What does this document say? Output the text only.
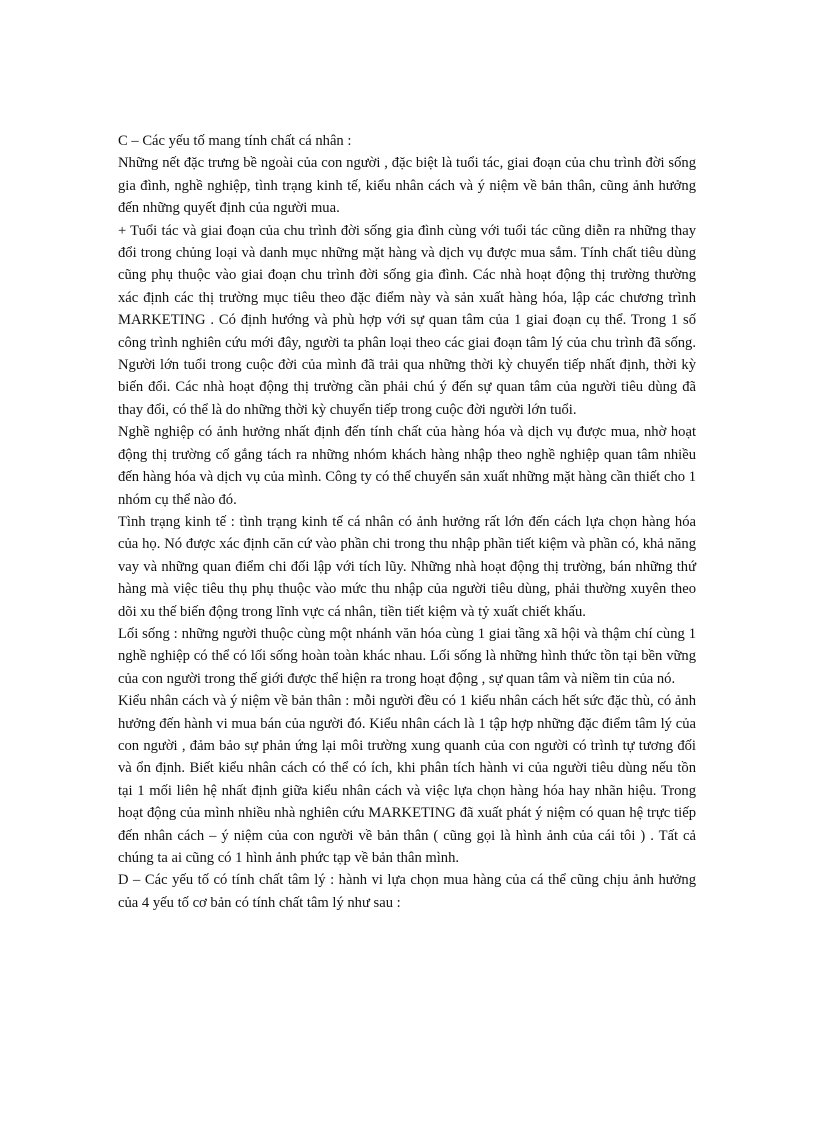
C – Các yếu tố mang tính chất cá nhân :

Những nết đặc trưng bề ngoài của con người , đặc biệt là tuổi tác, giai đoạn của chu trình đời sống gia đình, nghề nghiệp, tình trạng kinh tế, kiểu nhân cách và ý niệm về bản thân, cũng ảnh hưởng đến những quyết định của người mua.

+ Tuổi tác và giai đoạn của chu trình đời sống gia đình cùng với tuổi tác cũng diễn ra những thay đổi trong chủng loại và danh mục những mặt hàng và dịch vụ được mua sắm. Tính chất tiêu dùng cũng phụ thuộc vào giai đoạn chu trình đời sống gia đình. Các nhà hoạt động thị trường thường xác định các thị trường mục tiêu theo đặc điểm này và sản xuất hàng hóa, lập các chương trình MARKETING . Có định hướng và phù hợp với sự quan tâm của 1 giai đoạn cụ thể. Trong 1 số công trình nghiên cứu mới đây, người ta phân loại theo các giai đoạn tâm lý của chu trình đã sống. Người lớn tuổi trong cuộc đời của mình đã trải qua những thời kỳ chuyển tiếp nhất định, thời kỳ biến đổi. Các nhà hoạt động thị trường cần phải chú ý đến sự quan tâm của người tiêu dùng đã thay đổi, có thể là do những thời kỳ chuyển tiếp trong cuộc đời người lớn tuổi.

Nghề nghiệp có ảnh hưởng nhất định đến tính chất của hàng hóa và dịch vụ được mua, nhờ hoạt động thị trường cố gắng tách ra những nhóm khách hàng nhập theo nghề nghiệp quan tâm nhiều đến hàng hóa và dịch vụ của mình. Công ty có thể chuyển sản xuất những mặt hàng cần thiết cho 1 nhóm cụ thể nào đó.

Tình trạng kinh tế : tình trạng kinh tế cá nhân có ảnh hưởng rất lớn đến cách lựa chọn hàng hóa của họ. Nó được xác định căn cứ vào phần chi trong thu nhập phần tiết kiệm và phần có, khả năng vay và những quan điểm chi đối lập với tích lũy. Những nhà hoạt động thị trường, bán những thứ hàng mà việc tiêu thụ phụ thuộc vào mức thu nhập của người tiêu dùng, phải thường xuyên theo dõi xu thế biến động trong lĩnh vực cá nhân, tiền tiết kiệm và tỷ xuất chiết khấu.

Lối sống : những người thuộc cùng một nhánh văn hóa cùng 1 giai tầng xã hội và thậm chí cùng 1 nghề nghiệp có thể có lối sống hoàn toàn khác nhau. Lối sống là những hình thức tồn tại bền vững của con người trong thế giới được thể hiện ra trong hoạt động , sự quan tâm và niềm tin của nó.

Kiểu nhân cách và ý niệm về bản thân : mỗi người đều có 1 kiểu nhân cách hết sức đặc thù, có ảnh hưởng đến hành vi mua bán của người đó. Kiểu nhân cách là 1 tập hợp những đặc điểm tâm lý của con người , đảm bảo sự phản ứng lại môi trường xung quanh của con người có trình tự tương đối và ổn định. Biết kiểu nhân cách có thể có ích, khi phân tích hành vi của người tiêu dùng nếu tồn tại 1 mối liên hệ nhất định giữa kiểu nhân cách và việc lựa chọn hàng hóa hay nhãn hiệu. Trong hoạt động của mình nhiều nhà nghiên cứu MARKETING đã xuất phát ý niệm có quan hệ trực tiếp đến nhân cách – ý niệm của con người về bản thân ( cũng gọi là hình ảnh của cái tôi ) . Tất cả chúng ta ai cũng có 1 hình ảnh phức tạp về bản thân mình.

D – Các yếu tố có tính chất tâm lý : hành vi lựa chọn mua hàng của cá thể cũng chịu ảnh hưởng của 4 yếu tố cơ bản có tính chất tâm lý như sau :
